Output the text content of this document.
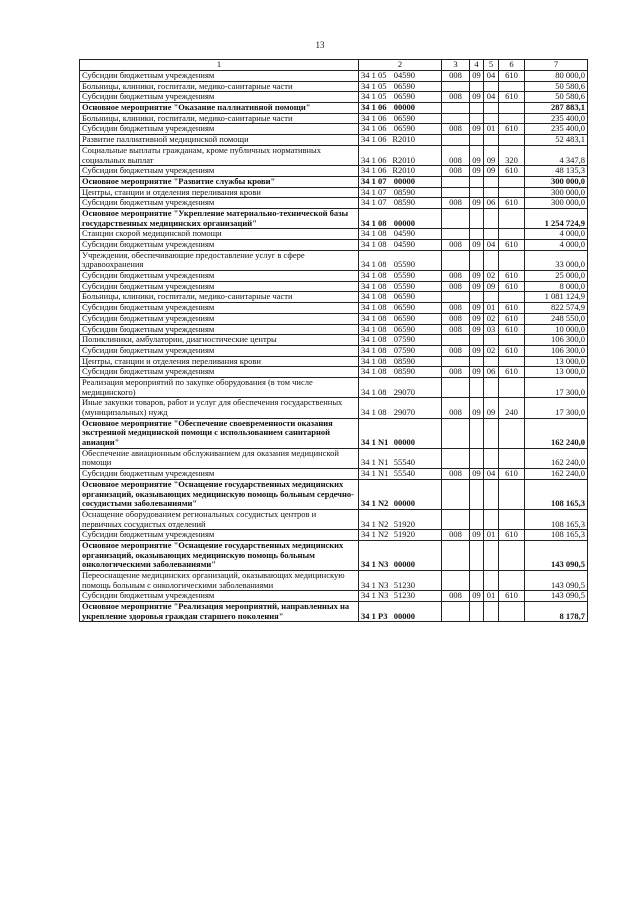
13
1	2	3	4	5	6	7
Субсидии бюджетным учреждениям	34 1 05 04590	008	09	04	610	80 000,0
Больницы, клиники, госпитали, медико-санитарные части	34 1 05 06590					50 580,6
Субсидии бюджетным учреждениям	34 1 05 06590	008	09	04	610	50 580,6
Основное мероприятие "Оказание паллиативной помощи"	34 1 06 00000					287 883,1
Больницы, клиники, госпитали, медико-санитарные части	34 1 06 06590					235 400,0
Субсидии бюджетным учреждениям	34 1 06 06590	008	09	01	610	235 400,0
Развитие паллиативной медицинской помощи	34 1 06 R2010					52 483,1
Социальные выплаты гражданам, кроме публичных нормативных социальных выплат	34 1 06 R2010	008	09	09	320	4 347,8
Субсидии бюджетным учреждениям	34 1 06 R2010	008	09	09	610	48 135,3
Основное мероприятие "Развитие службы крови"	34 1 07 00000					300 000,0
Центры, станции и отделения переливания крови	34 1 07 08590					300 000,0
Субсидии бюджетным учреждениям	34 1 07 08590	008	09	06	610	300 000,0
Основное мероприятие "Укрепление материально-технической базы государственных медицинских организаций"	34 1 08 00000					1 254 724,9
Станции скорой медицинской помощи	34 1 08 04590					4 000,0
Субсидии бюджетным учреждениям	34 1 08 04590	008	09	04	610	4 000,0
Учреждения, обеспечивающие предоставление услуг в сфере здравоохранения	34 1 08 05590					33 000,0
Субсидии бюджетным учреждениям	34 1 08 05590	008	09	02	610	25 000,0
Субсидии бюджетным учреждениям	34 1 08 05590	008	09	09	610	8 000,0
Больницы, клиники, госпитали, медико-санитарные части	34 1 08 06590					1 081 124,9
Субсидии бюджетным учреждениям	34 1 08 06590	008	09	01	610	822 574,9
Субсидии бюджетным учреждениям	34 1 08 06590	008	09	02	610	248 550,0
Субсидии бюджетным учреждениям	34 1 08 06590	008	09	03	610	10 000,0
Поликлиники, амбулатории, диагностические центры	34 1 08 07590					106 300,0
Субсидии бюджетным учреждениям	34 1 08 07590	008	09	02	610	106 300,0
Центры, станции и отделения переливания крови	34 1 08 08590					13 000,0
Субсидии бюджетным учреждениям	34 1 08 08590	008	09	06	610	13 000,0
Реализация мероприятий по закупке оборудования (в том числе медицинского)	34 1 08 29070					17 300,0
Иные закупки товаров, работ и услуг для обеспечения государственных (муниципальных) нужд	34 1 08 29070	008	09	09	240	17 300,0
Основное мероприятие "Обеспечение своевременности оказания экстренной медицинской помощи с использованием санитарной авиации"	34 1 N1 00000					162 240,0
Обеспечение авиационным обслуживанием для оказания медицинской помощи	34 1 N1 55540					162 240,0
Субсидии бюджетным учреждениям	34 1 N1 55540	008	09	04	610	162 240,0
Основное мероприятие "Оснащение государственных медицинских организаций, оказывающих медицинскую помощь больным сердечно-сосудистыми заболеваниями"	34 1 N2 00000					108 165,3
Оснащение оборудованием региональных сосудистых центров и первичных сосудистых отделений	34 1 N2 51920					108 165,3
Субсидии бюджетным учреждениям	34 1 N2 51920	008	09	01	610	108 165,3
Основное мероприятие "Оснащение государственных медицинских организаций, оказывающих медицинскую помощь больным онкологическими заболеваниями"	34 1 N3 00000					143 090,5
Переоснащение медицинских организаций, оказывающих медицинскую помощь больным с онкологическими заболеваниями	34 1 N3 51230					143 090,5
Субсидии бюджетным учреждениям	34 1 N3 51230	008	09	01	610	143 090,5
Основное мероприятие "Реализация мероприятий, направленных на укрепление здоровья граждан старшего поколения"	34 1 P3 00000					8 178,7
